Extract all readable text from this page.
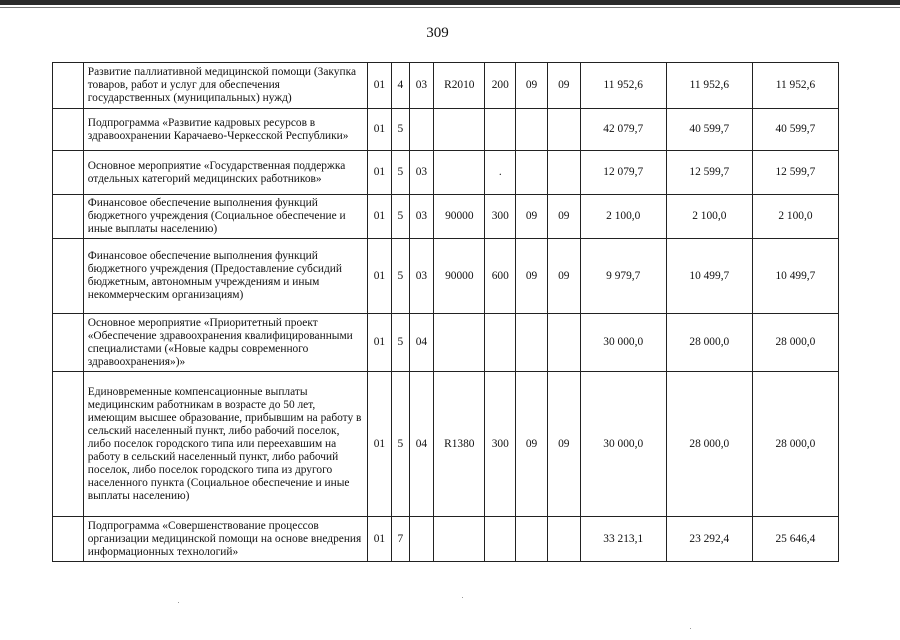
309
	Развитие паллиативной медицинской помощи (Закупка товаров, работ и услуг для обеспечения государственных (муниципальных) нужд)	01	4	03	R2010	200	09	09	11 952,6	11 952,6	11 952,6
	Подпрограмма «Развитие кадровых ресурсов в здравоохранении Карачаево-Черкесской Республики»	01	5						42 079,7	40 599,7	40 599,7
	Основное мероприятие «Государственная поддержка отдельных категорий медицинских работников»	01	5	03		.			12 079,7	12 599,7	12 599,7
	Финансовое обеспечение выполнения функций бюджетного учреждения (Социальное обеспечение и иные выплаты населению)	01	5	03	90000	300	09	09	2 100,0	2 100,0	2 100,0
	Финансовое обеспечение выполнения функций бюджетного учреждения (Предоставление субсидий бюджетным, автономным учреждениям и иным некоммерческим организациям)	01	5	03	90000	600	09	09	9 979,7	10 499,7	10 499,7
	Основное мероприятие «Приоритетный проект «Обеспечение здравоохранения квалифицированными специалистами («Новые кадры современного здравоохранения»)»	01	5	04					30 000,0	28 000,0	28 000,0
	Единовременные компенсационные выплаты медицинским работникам в возрасте до 50 лет, имеющим высшее образование, прибывшим на работу в сельский населенный пункт, либо рабочий поселок, либо поселок городского типа или переехавшим на работу в сельский населенный пункт, либо рабочий поселок, либо поселок городского типа из другого населенного пункта (Социальное обеспечение и иные выплаты населению)	01	5	04	R1380	300	09	09	30 000,0	28 000,0	28 000,0
	Подпрограмма «Совершенствование процессов организации медицинской помощи на основе внедрения информационных технологий»	01	7						33 213,1	23 292,4	25 646,4
